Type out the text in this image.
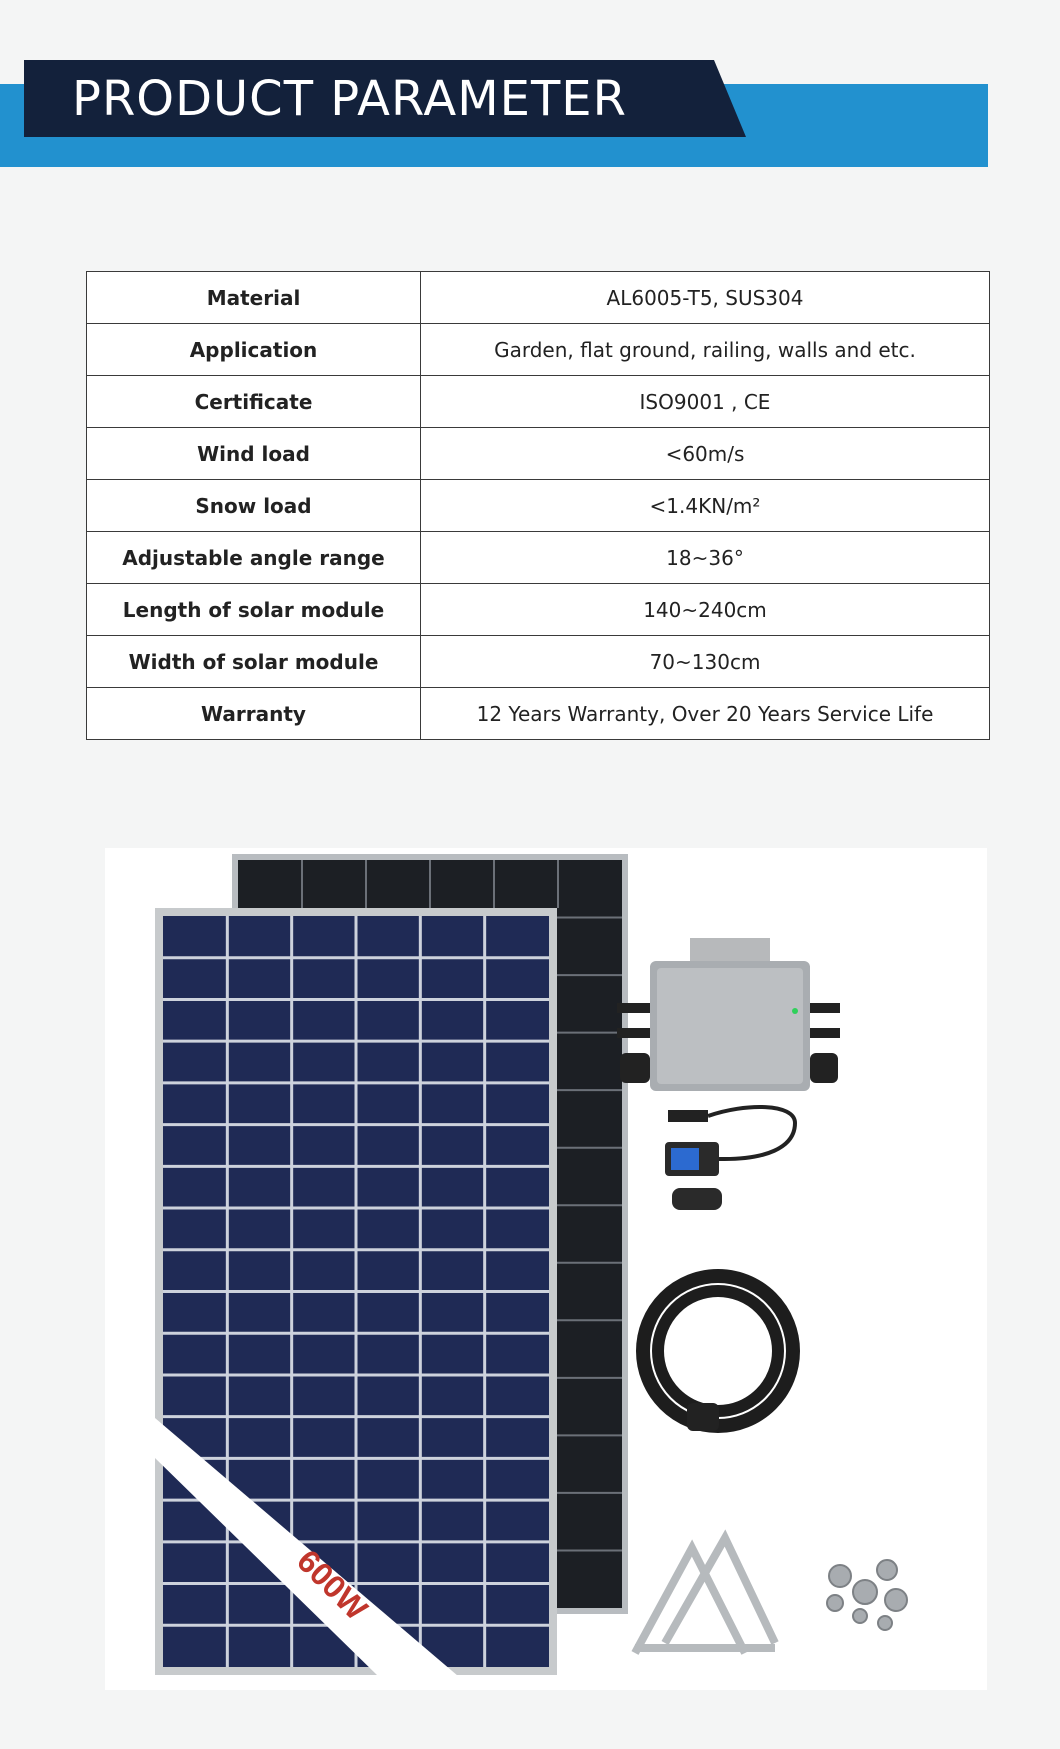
PRODUCT PARAMETER
Material	AL6005-T5, SUS304
Application	Garden, flat ground, railing, walls and etc.
Certificate	ISO9001 , CE
Wind load	<60m/s
Snow load	<1.4KN/m²
Adjustable angle range	18~36°
Length of solar module	140~240cm
Width of solar module	70~130cm
Warranty	12 Years Warranty, Over 20 Years Service Life
600W
